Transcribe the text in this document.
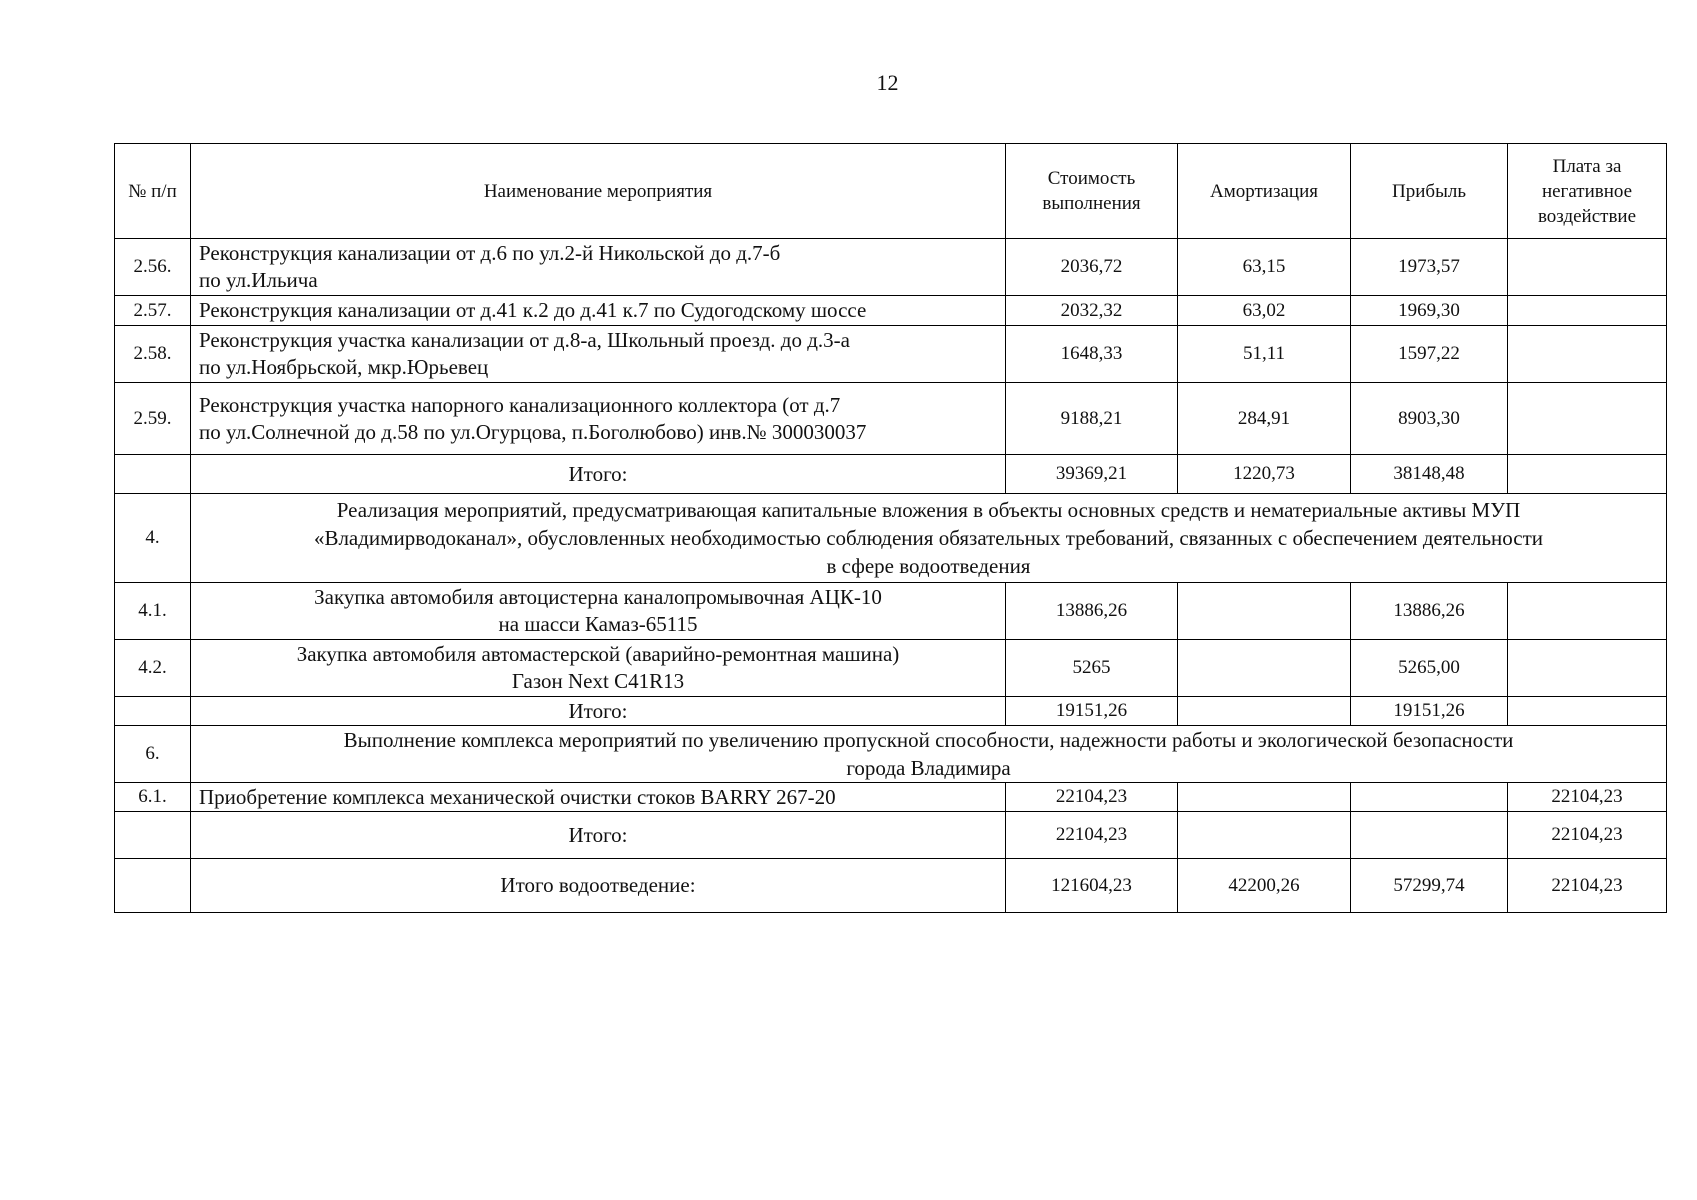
12
№ п/п	Наименование мероприятия	Стоимость выполнения	Амортизация	Прибыль	Плата за негативное воздействие
2.56.	Реконструкция канализации от д.6 по ул.2-й Никольской до д.7-б
по ул.Ильича	2036,72	63,15	1973,57	
2.57.	Реконструкция канализации от д.41 к.2 до д.41 к.7 по Судогодскому шоссе	2032,32	63,02	1969,30	
2.58.	Реконструкция участка канализации от д.8-а, Школьный проезд. до д.3-а
по ул.Ноябрьской, мкр.Юрьевец	1648,33	51,11	1597,22	
2.59.	Реконструкция участка напорного канализационного коллектора (от д.7
по ул.Солнечной до д.58 по ул.Огурцова, п.Боголюбово) инв.№ 300030037	9188,21	284,91	8903,30	
	Итого:	39369,21	1220,73	38148,48	
4.	Реализация мероприятий, предусматривающая капитальные вложения в объекты основных средств и нематериальные активы МУП
«Владимирводоканал», обусловленных необходимостью соблюдения обязательных требований, связанных с обеспечением деятельности
в сфере водоотведения				

4.1.	Закупка автомобиля автоцистерна каналопромывочная АЦК-10
на шасси Камаз-65115	13886,26		13886,26	
4.2.	Закупка автомобиля автомастерской (аварийно-ремонтная машина)
Газон Next C41R13	5265		5265,00	
	Итого:	19151,26		19151,26	
6.	Выполнение комплекса мероприятий по увеличению пропускной способности, надежности работы и экологической безопасности
города Владимира				

6.1.	Приобретение комплекса механической очистки стоков BARRY 267-20	22104,23			22104,23
	Итого:	22104,23			22104,23
	Итого водоотведение:	121604,23	42200,26	57299,74	22104,23
